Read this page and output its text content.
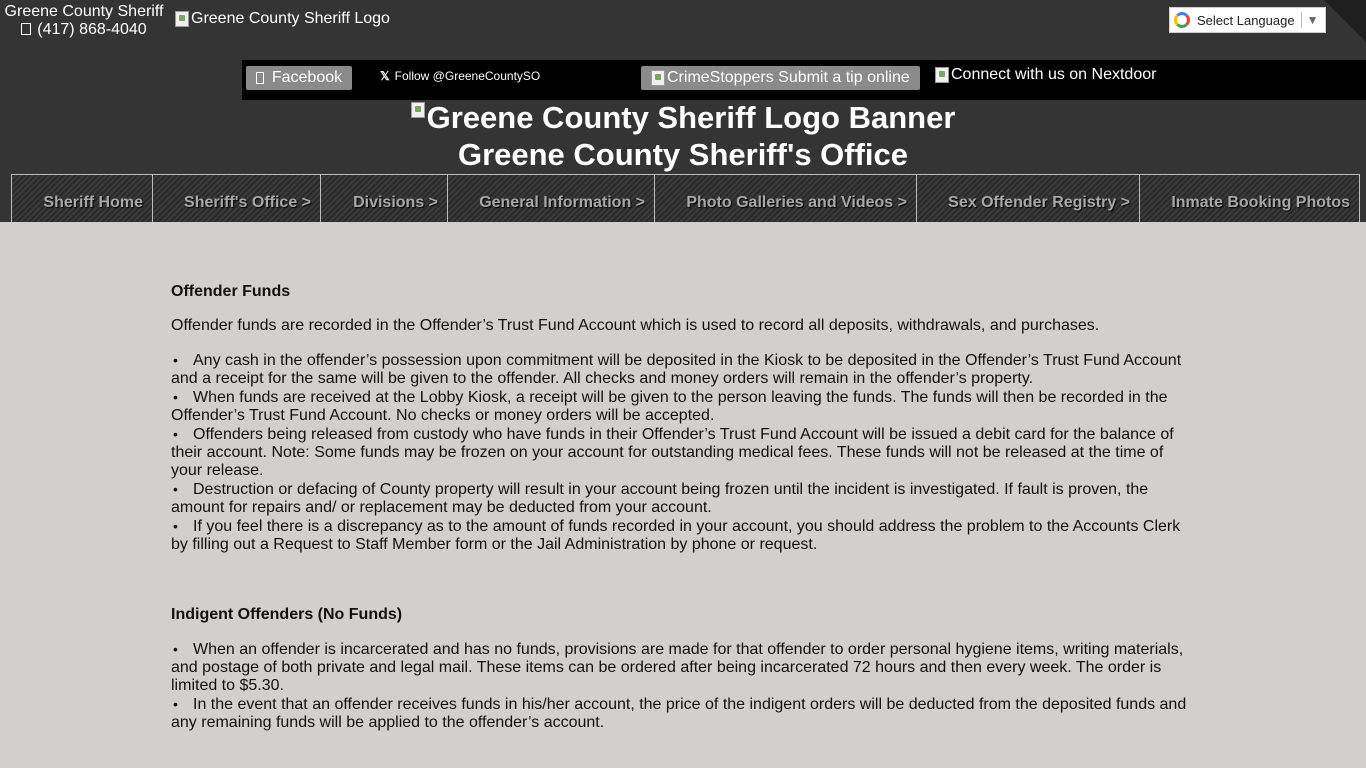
Greene County Sheriff
(417) 868-4040
Greene County Sheriff Logo	Select Language ▼
Facebook	𝕏 Follow @GreeneCountySO	CrimeStoppers Submit a tip online	Connect with us on Nextdoor
Greene County Sheriff Logo Banner
Greene County Sheriff's Office
Sheriff Home	Sheriff's Office >	Divisions >	General Information >	Photo Galleries and Videos >	Sex Offender Registry >	Inmate Booking Photos
Offender Funds

Offender funds are recorded in the Offender’s Trust Fund Account which is used to record all deposits, withdrawals, and purchases.

•Any cash in the offender’s possession upon commitment will be deposited in the Kiosk to be deposited in the Offender’s Trust Fund Account and a receipt for the same will be given to the offender. All checks and money orders will remain in the offender’s property.
•When funds are received at the Lobby Kiosk, a receipt will be given to the person leaving the funds. The funds will then be recorded in the Offender’s Trust Fund Account. No checks or money orders will be accepted.
•Offenders being released from custody who have funds in their Offender’s Trust Fund Account will be issued a debit card for the balance of their account. Note: Some funds may be frozen on your account for outstanding medical fees. These funds will not be released at the time of your release.
•Destruction or defacing of County property will result in your account being frozen until the incident is investigated. If fault is proven, the amount for repairs and/ or replacement may be deducted from your account.
•If you feel there is a discrepancy as to the amount of funds recorded in your account, you should address the problem to the Accounts Clerk by filling out a Request to Staff Member form or the Jail Administration by phone or request.
Indigent Offenders (No Funds)
•When an offender is incarcerated and has no funds, provisions are made for that offender to order personal hygiene items, writing materials, and postage of both private and legal mail. These items can be ordered after being incarcerated 72 hours and then every week. The order is limited to $5.30.
•In the event that an offender receives funds in his/her account, the price of the indigent orders will be deducted from the deposited funds and any remaining funds will be applied to the offender’s account.
